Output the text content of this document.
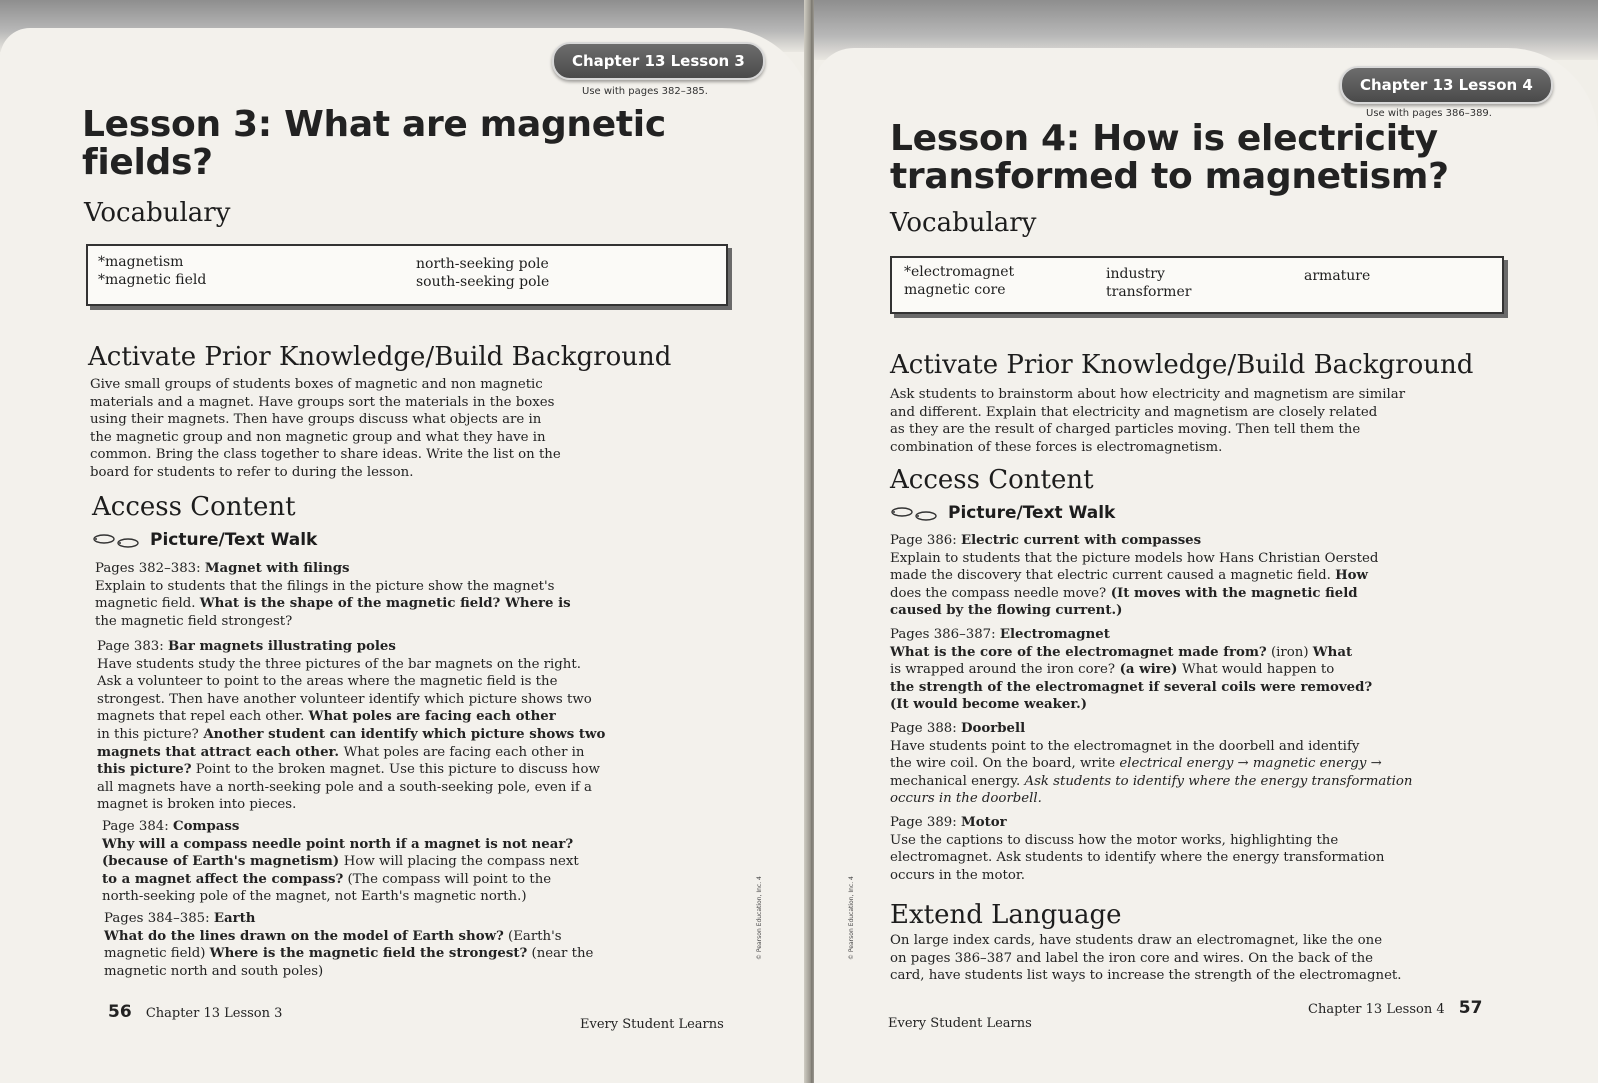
Chapter 13 Lesson 3
Use with pages 382–385.
Lesson 3: What are magnetic
fields?
Vocabulary
*magnetism
*magnetic field
north-seeking pole
south-seeking pole
Activate Prior Knowledge/Build Background
Give small groups of students boxes of magnetic and non magnetic
materials and a magnet. Have groups sort the materials in the boxes
using their magnets. Then have groups discuss what objects are in
the magnetic group and non magnetic group and what they have in
common. Bring the class together to share ideas. Write the list on the
board for students to refer to during the lesson.
Access Content
Picture/Text Walk
Pages 382–383: Magnet with filings
Explain to students that the filings in the picture show the magnet's
magnetic field. What is the shape of the magnetic field? Where is
the magnetic field strongest?
Page 383: Bar magnets illustrating poles
Have students study the three pictures of the bar magnets on the right.
Ask a volunteer to point to the areas where the magnetic field is the
strongest. Then have another volunteer identify which picture shows two
magnets that repel each other. What poles are facing each other
in this picture? Another student can identify which picture shows two
magnets that attract each other. What poles are facing each other in
this picture? Point to the broken magnet. Use this picture to discuss how
all magnets have a north-seeking pole and a south-seeking pole, even if a
magnet is broken into pieces.
Page 384: Compass
Why will a compass needle point north if a magnet is not near?
(because of Earth's magnetism) How will placing the compass next
to a magnet affect the compass? (The compass will point to the
north-seeking pole of the magnet, not Earth's magnetic north.)
Pages 384–385: Earth
What do the lines drawn on the model of Earth show? (Earth's
magnetic field) Where is the magnetic field the strongest? (near the
magnetic north and south poles)
© Pearson Education, Inc. 4
56 Chapter 13 Lesson 3
Every Student Learns
Chapter 13 Lesson 4
Use with pages 386–389.
Lesson 4: How is electricity
transformed to magnetism?
Vocabulary
*electromagnet
magnetic core
industry
transformer
armature
Activate Prior Knowledge/Build Background
Ask students to brainstorm about how electricity and magnetism are similar
and different. Explain that electricity and magnetism are closely related
as they are the result of charged particles moving. Then tell them the
combination of these forces is electromagnetism.
Access Content
Picture/Text Walk
Page 386: Electric current with compasses
Explain to students that the picture models how Hans Christian Oersted
made the discovery that electric current caused a magnetic field. How
does the compass needle move? (It moves with the magnetic field
caused by the flowing current.)
Pages 386–387: Electromagnet
What is the core of the electromagnet made from? (iron) What
is wrapped around the iron core? (a wire) What would happen to
the strength of the electromagnet if several coils were removed?
(It would become weaker.)
Page 388: Doorbell
Have students point to the electromagnet in the doorbell and identify
the wire coil. On the board, write electrical energy → magnetic energy →
mechanical energy. Ask students to identify where the energy transformation
occurs in the doorbell.
Page 389: Motor
Use the captions to discuss how the motor works, highlighting the
electromagnet. Ask students to identify where the energy transformation
occurs in the motor.
Extend Language
On large index cards, have students draw an electromagnet, like the one
on pages 386–387 and label the iron core and wires. On the back of the
card, have students list ways to increase the strength of the electromagnet.
© Pearson Education, Inc. 4
Every Student Learns
Chapter 13 Lesson 4 57
